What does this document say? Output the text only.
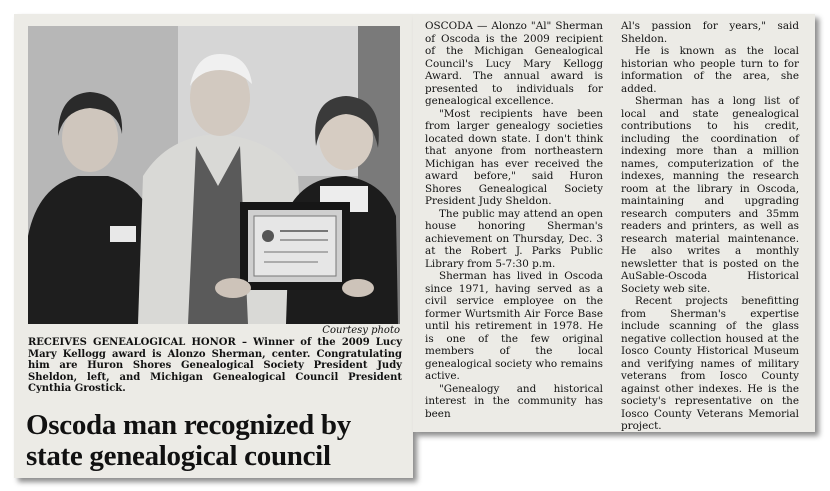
Courtesy photo
RECEIVES GENEALOGICAL HONOR – Winner of the 2009 Lucy Mary Kellogg award is Alonzo Sherman, center. Congratulating him are Huron Shores Genealogical Society President Judy Sheldon, left, and Michigan Genealogical Council President Cynthia Grostick.
Oscoda man recognized by state genealogical council

OSCODA — Alonzo "Al" Sherman of Oscoda is the 2009 recipient of the Michigan Genealogical Council's Lucy Mary Kellogg Award. The annual award is presented to individuals for genealogical excellence.

"Most recipients have been from larger genealogy societies located down state. I don't think that anyone from northeastern Michigan has ever received the award before," said Huron Shores Genealogical Society President Judy Sheldon.

The public may attend an open house honoring Sherman's achievement on Thursday, Dec. 3 at the Robert J. Parks Public Library from 5-7:30 p.m.

Sherman has lived in Oscoda since 1971, having served as a civil service employee on the former Wurtsmith Air Force Base until his retirement in 1978. He is one of the few original members of the local genealogical society who remains active.

"Genealogy and historical interest in the community has been

Al's passion for years," said Sheldon.

He is known as the local historian who people turn to for information of the area, she added.

Sherman has a long list of local and state genealogical contributions to his credit, including the coordination of indexing more than a million names, computerization of the indexes, manning the research room at the library in Oscoda, maintaining and upgrading research computers and 35mm readers and printers, as well as research material maintenance. He also writes a monthly newsletter that is posted on the AuSable-Oscoda Historical Society web site.

Recent projects benefitting from Sherman's expertise include scanning of the glass negative collection housed at the Iosco County Historical Museum and verifying names of military veterans from Iosco County against other indexes. He is the society's representative on the Iosco County Veterans Memorial project.
